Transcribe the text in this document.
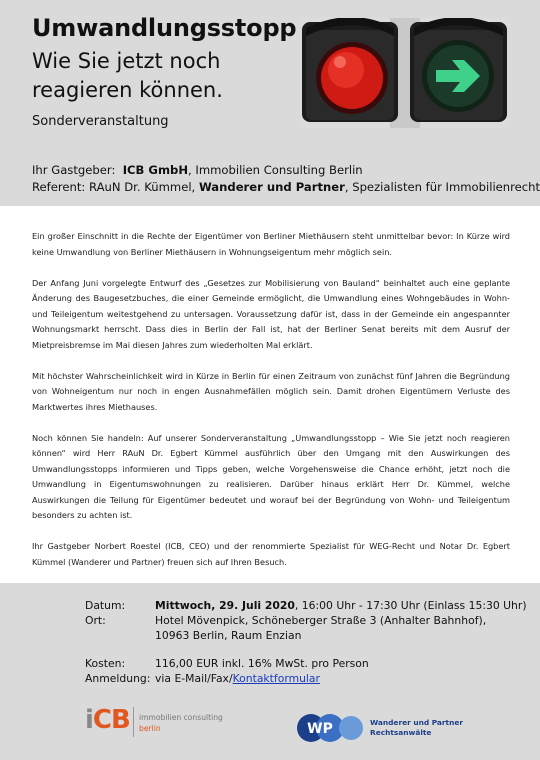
Umwandlungsstopp
Wie Sie jetzt noch reagieren können.
Sonderveranstaltung
Ihr Gastgeber: ICB GmbH, Immobilien Consulting Berlin
Referent: RAuN Dr. Kümmel, Wanderer und Partner, Spezialisten für Immobilienrecht

Ein großer Einschnitt in die Rechte der Eigentümer von Berliner Miethäusern steht unmittelbar bevor: In Kürze wird keine Umwandlung von Berliner Miethäusern in Wohnungseigentum mehr möglich sein.

Der Anfang Juni vorgelegte Entwurf des „Gesetzes zur Mobilisierung von Bauland“ beinhaltet auch eine geplante Änderung des Baugesetzbuches, die einer Gemeinde ermöglicht, die Umwandlung eines Wohngebäudes in Wohn- und Teileigentum weitestgehend zu untersagen. Voraussetzung dafür ist, dass in der Gemeinde ein angespannter Wohnungsmarkt herrscht. Dass dies in Berlin der Fall ist, hat der Berliner Senat bereits mit dem Ausruf der Mietpreisbremse im Mai diesen Jahres zum wiederholten Mal erklärt.

Mit höchster Wahrscheinlichkeit wird in Kürze in Berlin für einen Zeitraum von zunächst fünf Jahren die Begründung von Wohneigentum nur noch in engen Ausnahmefällen möglich sein. Damit drohen Eigentümern Verluste des Marktwertes ihres Miethauses.

Noch können Sie handeln: Auf unserer Sonderveranstaltung „Umwandlungsstopp – Wie Sie jetzt noch reagieren können“ wird Herr RAuN Dr. Egbert Kümmel ausführlich über den Umgang mit den Auswirkungen des Umwandlungsstopps informieren und Tipps geben, welche Vorgehensweise die Chance erhöht, jetzt noch die Umwandlung in Eigentumswohnungen zu realisieren. Darüber hinaus erklärt Herr Dr. Kümmel, welche Auswirkungen die Teilung für Eigentümer bedeutet und worauf bei der Begründung von Wohn- und Teileigentum besonders zu achten ist.

Ihr Gastgeber Norbert Roestel (ICB, CEO) und der renommierte Spezialist für WEG-Recht und Notar Dr. Egbert Kümmel (Wanderer und Partner) freuen sich auf Ihren Besuch.

Datum:	Mittwoch, 29. Juli 2020, 16:00 Uhr - 17:30 Uhr (Einlass 15:30 Uhr)
Ort:	Hotel Mövenpick, Schöneberger Straße 3 (Anhalter Bahnhof),
10963 Berlin, Raum Enzian
Kosten:	116,00 EUR inkl. 16% MwSt. pro Person
Anmeldung: via E-Mail/Fax/Kontaktformular
iCB immobilien consulting
berlin	WP	Wanderer und Partner
Rechtsanwälte
